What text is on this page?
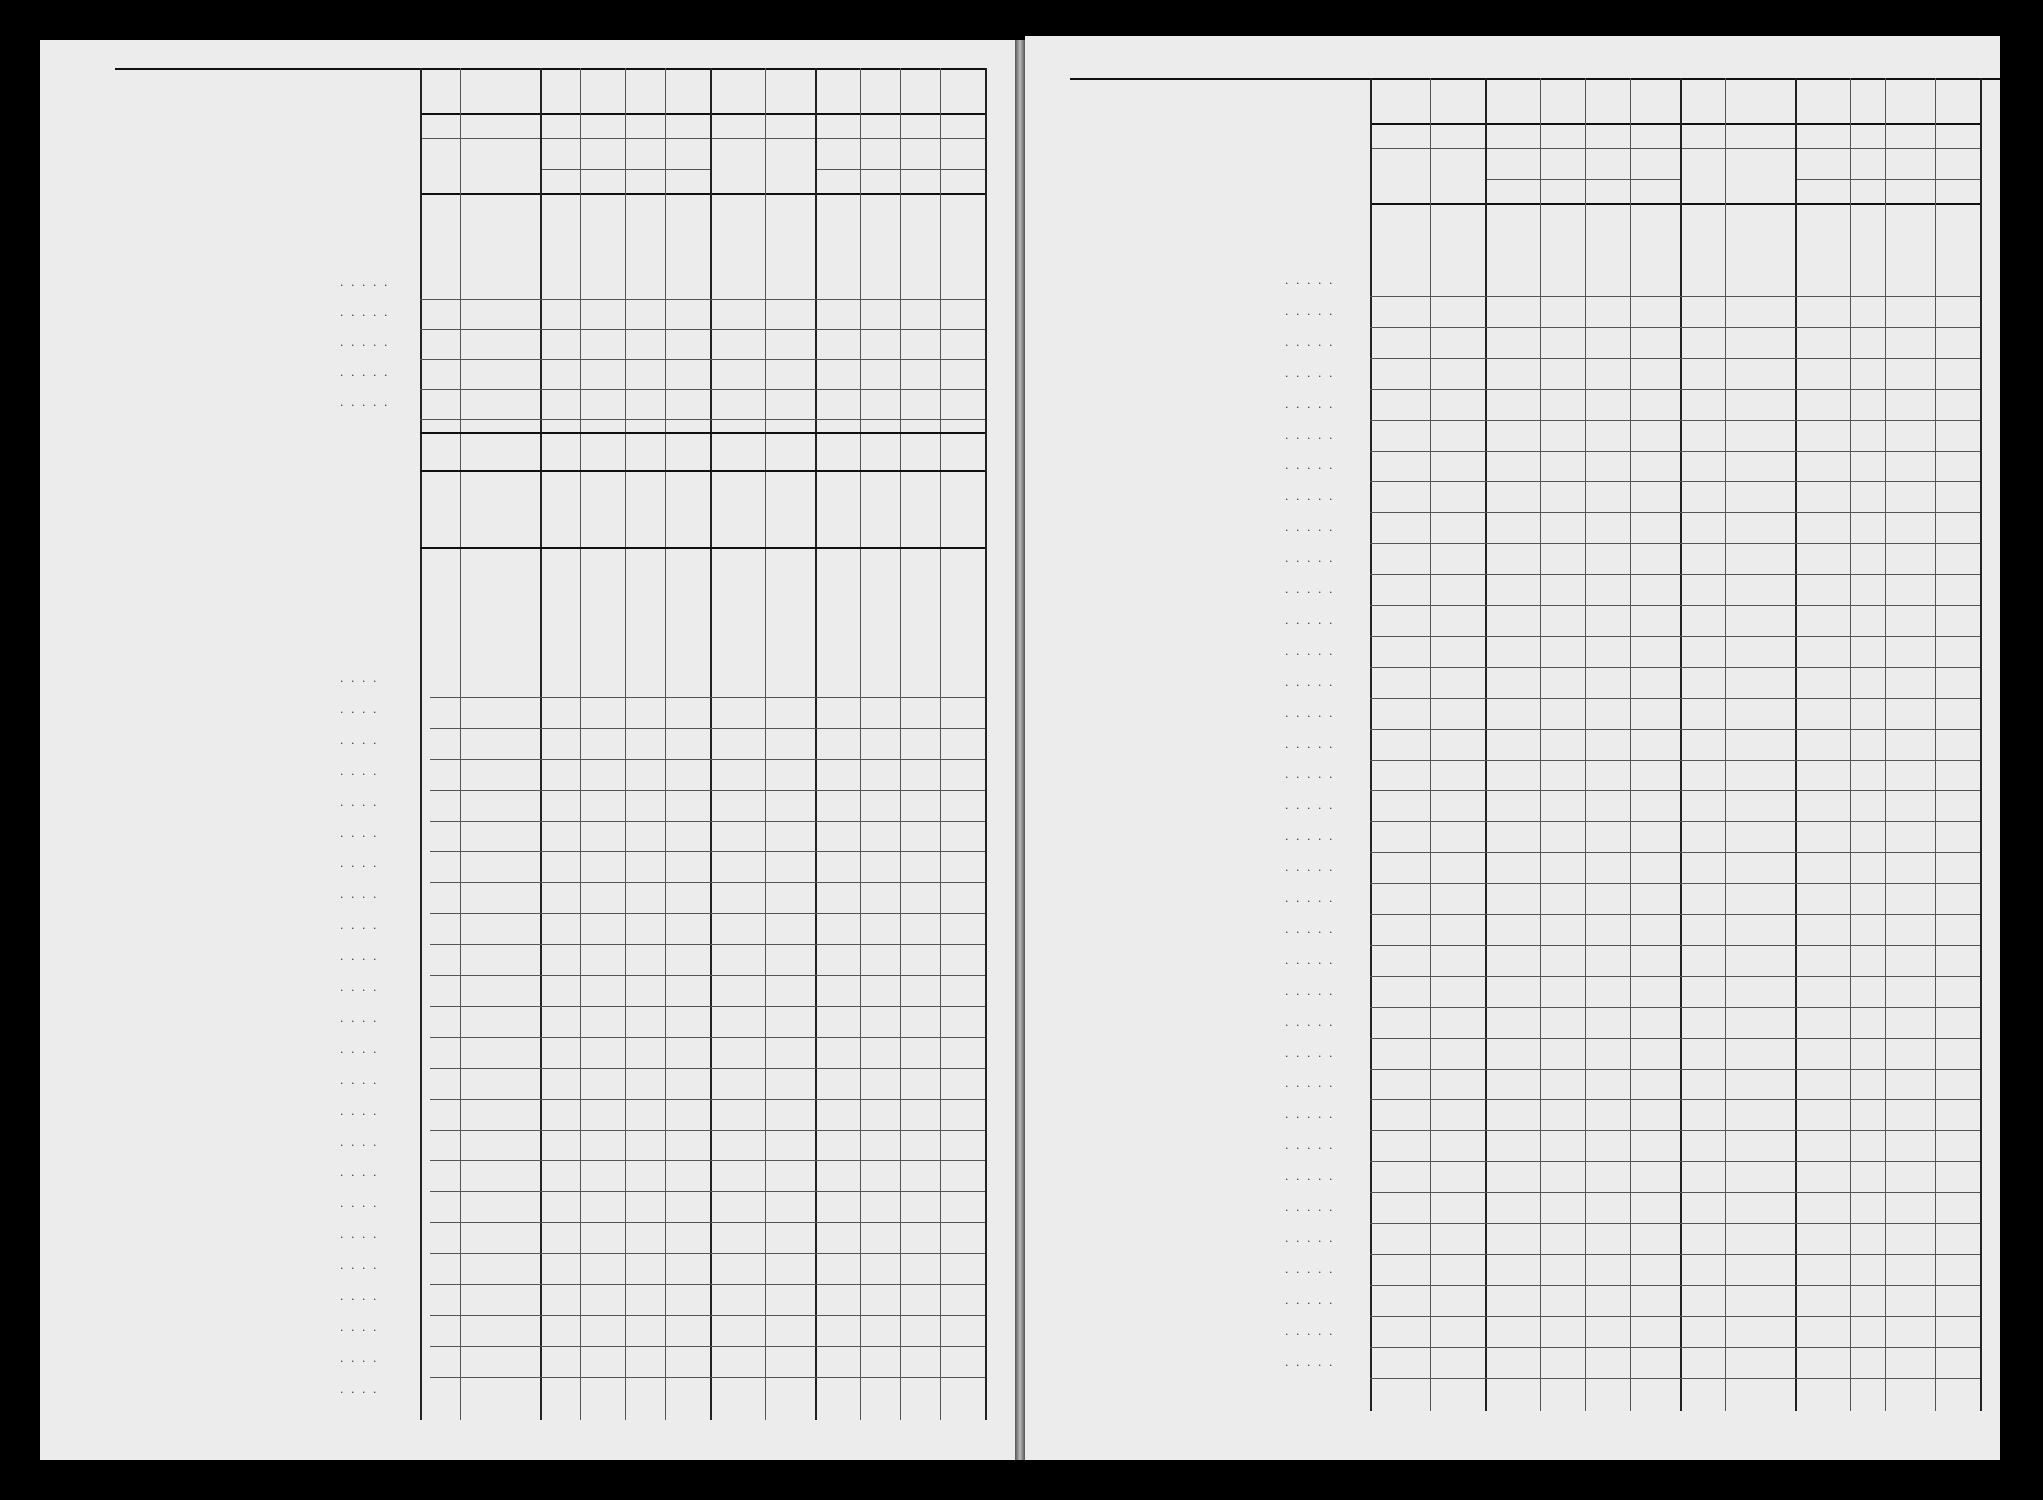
· · · · ·
· · · · ·
· · · · ·
· · · · ·
· · · · ·
· · · ·
· · · ·
· · · ·
· · · ·
· · · ·
· · · ·
· · · ·
· · · ·
· · · ·
· · · ·
· · · ·
· · · ·
· · · ·
· · · ·
· · · ·
· · · ·
· · · ·
· · · ·
· · · ·
· · · ·
· · · ·
· · · ·
· · · ·
· · · ·
· · · · ·
· · · · ·
· · · · ·
· · · · ·
· · · · ·
· · · · ·
· · · · ·
· · · · ·
· · · · ·
· · · · ·
· · · · ·
· · · · ·
· · · · ·
· · · · ·
· · · · ·
· · · · ·
· · · · ·
· · · · ·
· · · · ·
· · · · ·
· · · · ·
· · · · ·
· · · · ·
· · · · ·
· · · · ·
· · · · ·
· · · · ·
· · · · ·
· · · · ·
· · · · ·
· · · · ·
· · · · ·
· · · · ·
· · · · ·
· · · · ·
· · · · ·
